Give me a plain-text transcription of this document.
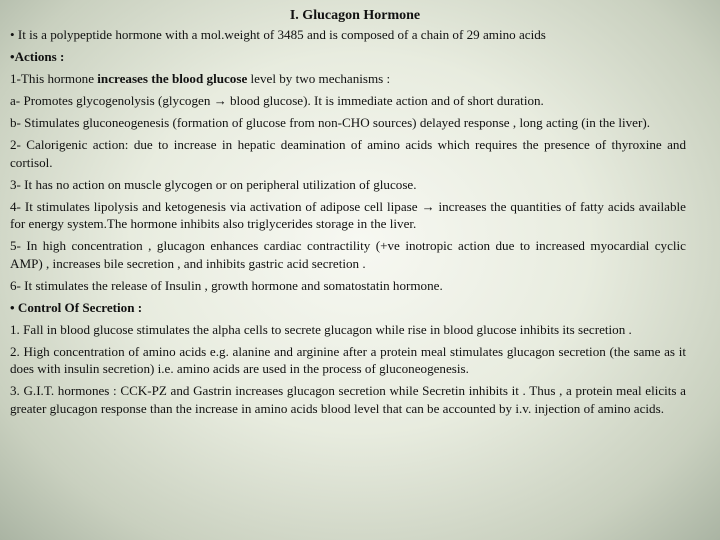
I. Glucagon Hormone

• It is a polypeptide hormone with a mol.weight of 3485 and is composed of a chain of 29 amino acids

•Actions :

1-This hormone increases the blood glucose level by two mechanisms :

a- Promotes glycogenolysis (glycogen → blood glucose). It is immediate action and of short duration.

b- Stimulates gluconeogenesis (formation of glucose from non-CHO sources) delayed response , long acting (in the liver).

2- Calorigenic action: due to increase in hepatic deamination of amino acids which requires the presence of thyroxine and cortisol.

3- It has no action on muscle glycogen or on peripheral utilization of glucose.

4- It stimulates lipolysis and ketogenesis via activation of adipose cell lipase → increases the quantities of fatty acids available for energy system.The hormone inhibits also triglycerides storage in the liver.

5- In high concentration , glucagon enhances cardiac contractility (+ve inotropic action due to increased myocardial cyclic AMP) , increases bile secretion , and inhibits gastric acid secretion .

6- It stimulates the release of Insulin , growth hormone and somatostatin hormone.

• Control Of Secretion :

1. Fall in blood glucose stimulates the alpha cells to secrete glucagon while rise in blood glucose inhibits its secretion .

2. High concentration of amino acids e.g. alanine and arginine after a protein meal stimulates glucagon secretion (the same as it does with insulin secretion) i.e. amino acids are used in the process of gluconeogenesis.

3. G.I.T. hormones : CCK-PZ and Gastrin increases glucagon secretion while Secretin inhibits it . Thus , a protein meal elicits a greater glucagon response than the increase in amino acids blood level that can be accounted by i.v. injection of amino acids.
